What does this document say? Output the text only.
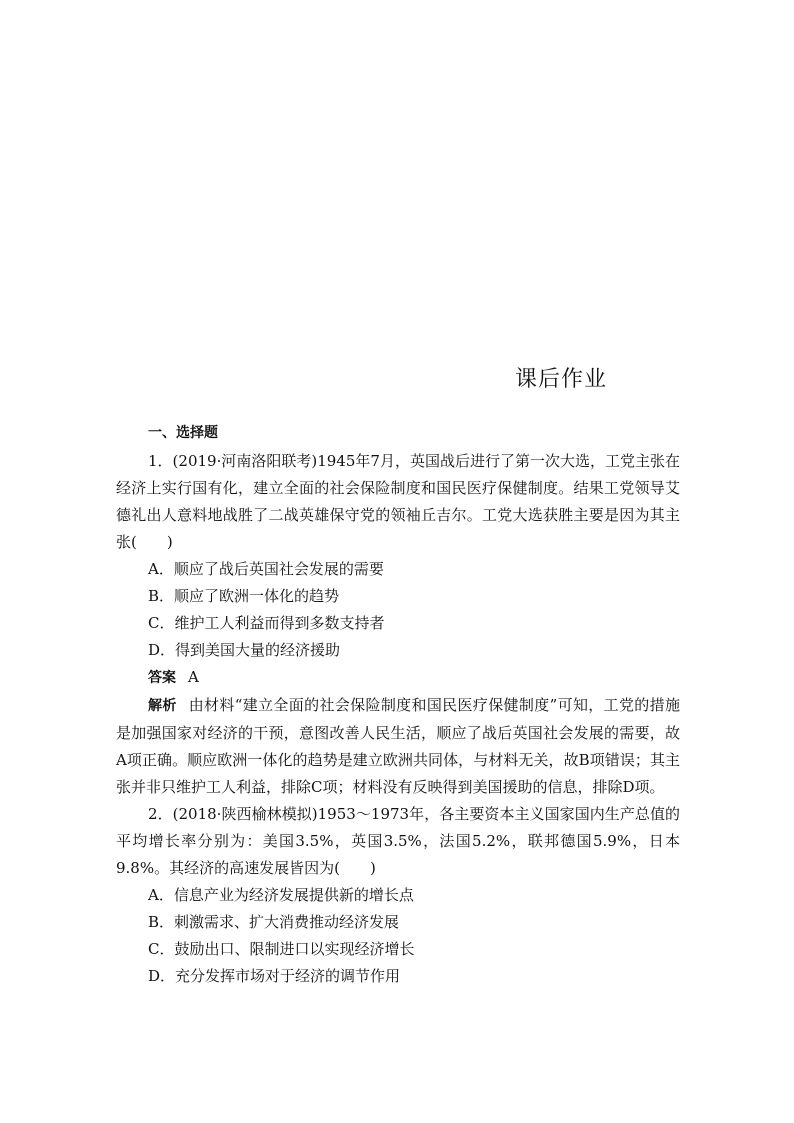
课后作业
一、选择题

1．(2019·河南洛阳联考)1945年7月，英国战后进行了第一次大选，工党主张在经济上实行国有化，建立全面的社会保险制度和国民医疗保健制度。结果工党领导艾德礼出人意料地战胜了二战英雄保守党的领袖丘吉尔。工党大选获胜主要是因为其主张(　　)

A．顺应了战后英国社会发展的需要

B．顺应了欧洲一体化的趋势

C．维护工人利益而得到多数支持者

D．得到美国大量的经济援助

答案 A

解析 由材料“建立全面的社会保险制度和国民医疗保健制度”可知，工党的措施是加强国家对经济的干预，意图改善人民生活，顺应了战后英国社会发展的需要，故A项正确。顺应欧洲一体化的趋势是建立欧洲共同体，与材料无关，故B项错误；其主张并非只维护工人利益，排除C项；材料没有反映得到美国援助的信息，排除D项。

2．(2018·陕西榆林模拟)1953～1973年，各主要资本主义国家国内生产总值的平均增长率分别为：美国3.5%，英国3.5%，法国5.2%，联邦德国5.9%，日本9.8%。其经济的高速发展皆因为(　　)

A．信息产业为经济发展提供新的增长点

B．刺激需求、扩大消费推动经济发展

C．鼓励出口、限制进口以实现经济增长

D．充分发挥市场对于经济的调节作用
